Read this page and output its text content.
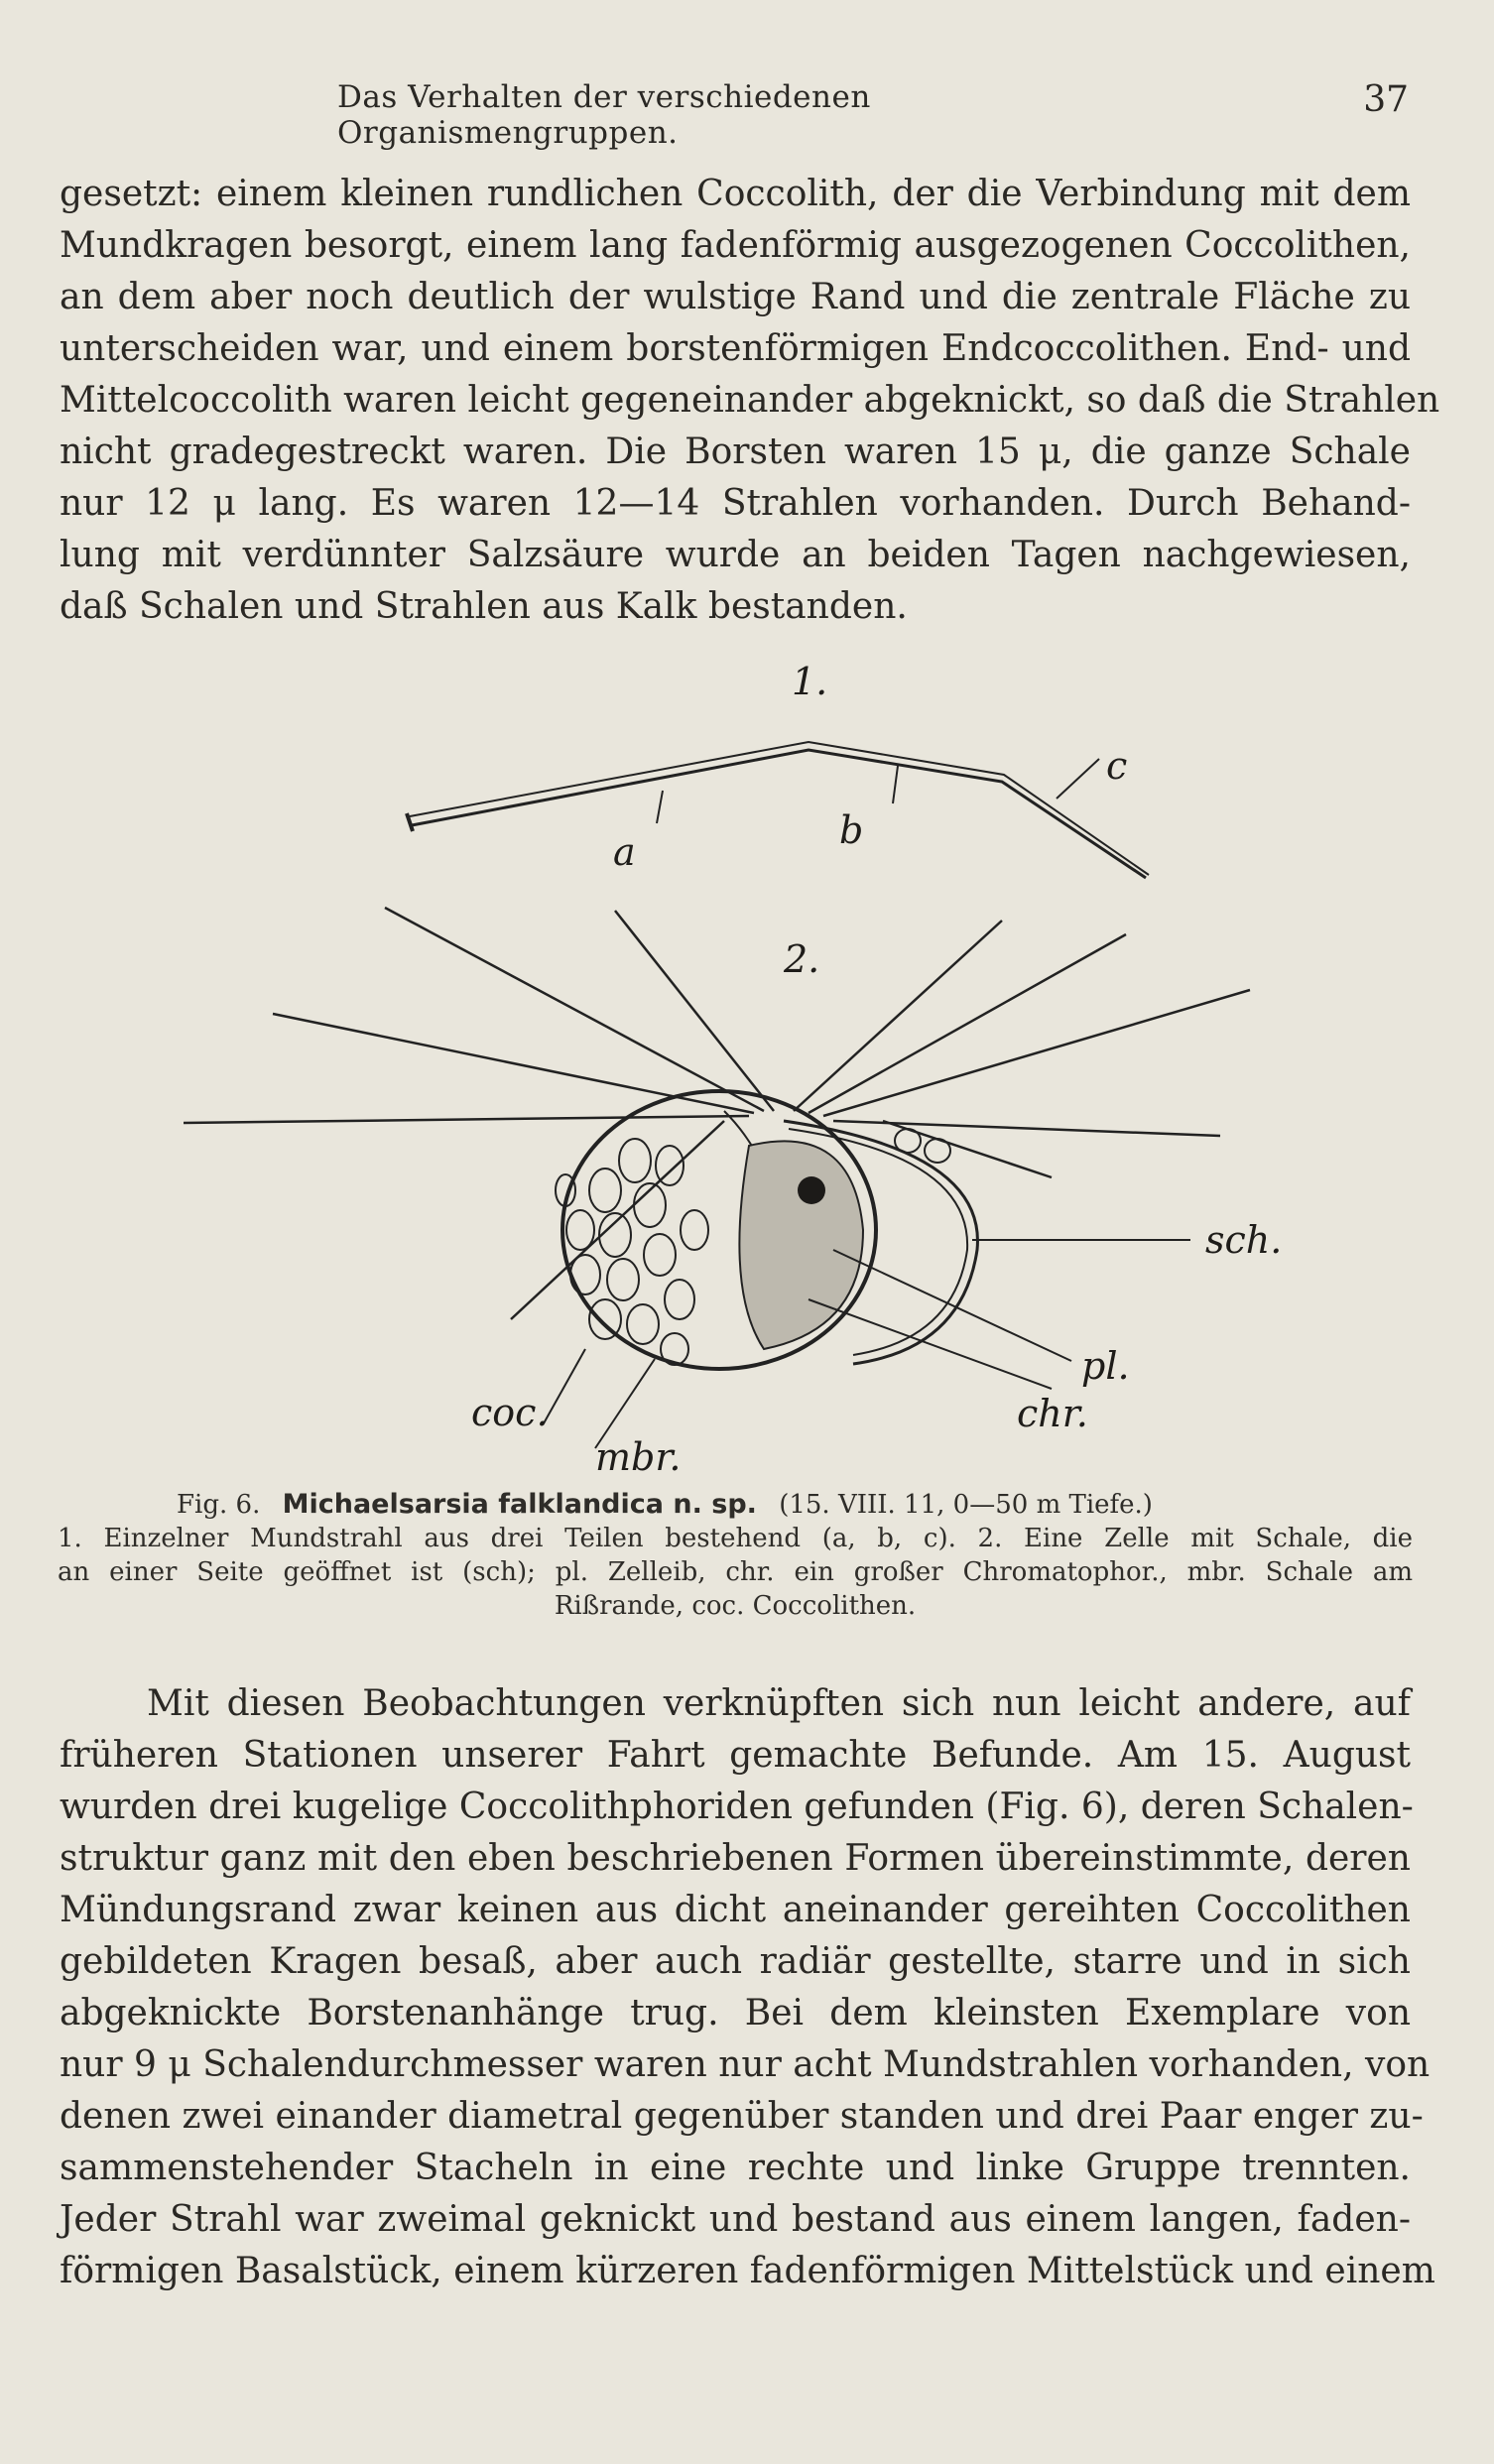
Das Verhalten der verschiedenen Organismengruppen.
37
gesetzt: einem kleinen rundlichen Coccolith, der die Verbindung mit dem
Mundkragen besorgt, einem lang fadenförmig ausgezogenen Coccolithen,
an dem aber noch deutlich der wulstige Rand und die zentrale Fläche zu
unterscheiden war, und einem borstenförmigen Endcoccolithen. End- und
Mittelcoccolith waren leicht gegeneinander abgeknickt, so daß die Strahlen
nicht gradegestreckt waren. Die Borsten waren 15 μ, die ganze Schale
nur 12 μ lang. Es waren 12—14 Strahlen vorhanden. Durch Behand-
lung mit verdünnter Salzsäure wurde an beiden Tagen nachgewiesen,
daß Schalen und Strahlen aus Kalk bestanden.
1.
a	b
c
2.
sch.
pl.
chr.
coc.
mbr.
Fig. 6. Michaelsarsia falklandica n. sp. (15. VIII. 11, 0—50 m Tiefe.)
1. Einzelner Mundstrahl aus drei Teilen bestehend (a, b, c). 2. Eine Zelle mit Schale, die
an einer Seite geöffnet ist (sch); pl. Zelleib, chr. ein großer Chromatophor., mbr. Schale am
Rißrande, coc. Coccolithen.
Mit diesen Beobachtungen verknüpften sich nun leicht andere, auf
früheren Stationen unserer Fahrt gemachte Befunde. Am 15. August
wurden drei kugelige Coccolithphoriden gefunden (Fig. 6), deren Schalen-
struktur ganz mit den eben beschriebenen Formen übereinstimmte, deren
Mündungsrand zwar keinen aus dicht aneinander gereihten Coccolithen
gebildeten Kragen besaß, aber auch radiär gestellte, starre und in sich
abgeknickte Borstenanhänge trug. Bei dem kleinsten Exemplare von
nur 9 μ Schalendurchmesser waren nur acht Mundstrahlen vorhanden, von
denen zwei einander diametral gegenüber standen und drei Paar enger zu-
sammenstehender Stacheln in eine rechte und linke Gruppe trennten.
Jeder Strahl war zweimal geknickt und bestand aus einem langen, faden-
förmigen Basalstück, einem kürzeren fadenförmigen Mittelstück und einem
